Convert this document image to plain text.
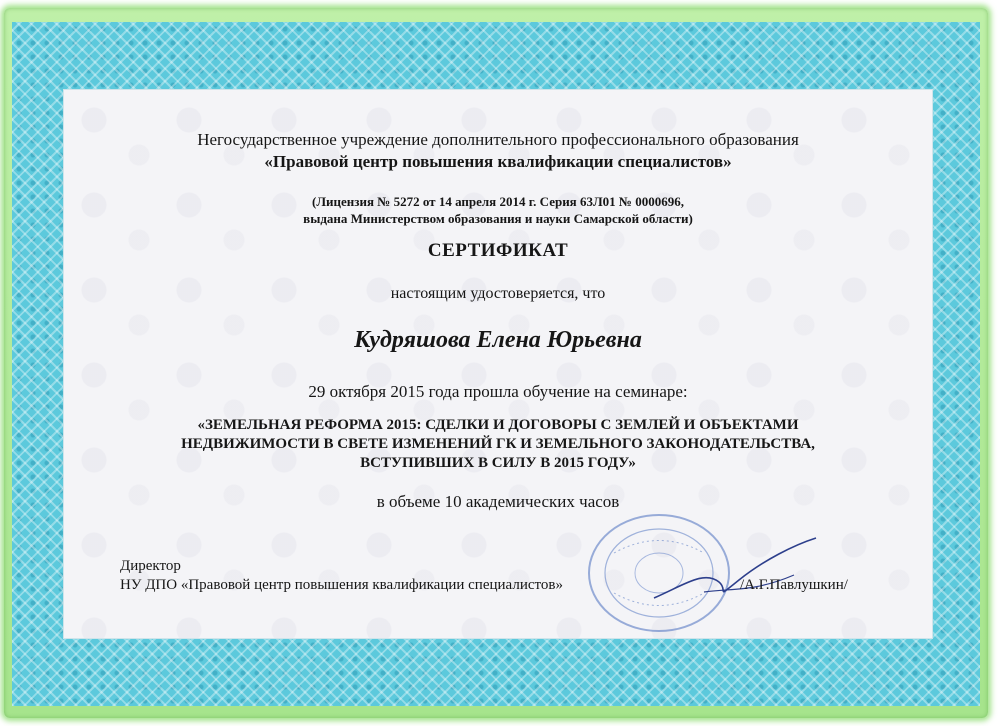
Негосударственное учреждение дополнительного профессионального образования
«Правовой центр повышения квалификации специалистов»
(Лицензия № 5272 от 14 апреля 2014 г. Серия 63Л01 № 0000696,
выдана Министерством образования и науки Самарской области)
СЕРТИФИКАТ
настоящим удостоверяется, что
Кудряшова Елена Юрьевна
29 октября 2015 года прошла обучение на семинаре:
«ЗЕМЕЛЬНАЯ РЕФОРМА 2015: СДЕЛКИ И ДОГОВОРЫ С ЗЕМЛЕЙ И ОБЪЕКТАМИ
НЕДВИЖИМОСТИ В СВЕТЕ ИЗМЕНЕНИЙ ГК И ЗЕМЕЛЬНОГО ЗАКОНОДАТЕЛЬСТВА,
ВСТУПИВШИХ В СИЛУ В 2015 ГОДУ»
в объеме 10 академических часов
Директор
НУ ДПО «Правовой центр повышения квалификации специалистов»	/А.Г.Павлушкин/
